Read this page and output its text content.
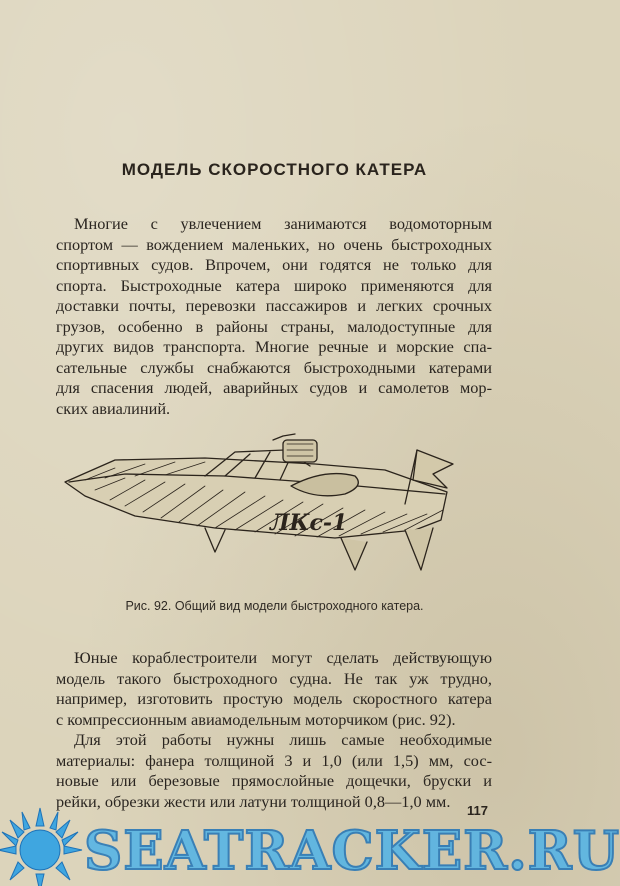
МОДЕЛЬ СКОРОСТНОГО КАТЕРА
Многие с увлечением занимаются водомоторным
спортом — вождением маленьких, но очень быстроходных
спортивных судов. Впрочем, они годятся не только для
спорта. Быстроходные катера широко применяются для
доставки почты, перевозки пассажиров и легких срочных
грузов, особенно в районы страны, малодоступные для
других видов транспорта. Многие речные и морские спа-
сательные службы снабжаются быстроходными катерами
для спасения людей, аварийных судов и самолетов мор-
ских авиалиний.
ЛКс-1
Рис. 92. Общий вид модели быстроходного катера.
Юные кораблестроители могут сделать действующую
модель такого быстроходного судна. Не так уж трудно,
например, изготовить простую модель скоростного катера
с компрессионным авиамодельным моторчиком (рис. 92).
Для этой работы нужны лишь самые необходимые
материалы: фанера толщиной 3 и 1,0 (или 1,5) мм, сос-
новые или березовые прямослойные дощечки, бруски и
рейки, обрезки жести или латуни толщиной 0,8—1,0 мм.	117
SEATRACKER.RU
